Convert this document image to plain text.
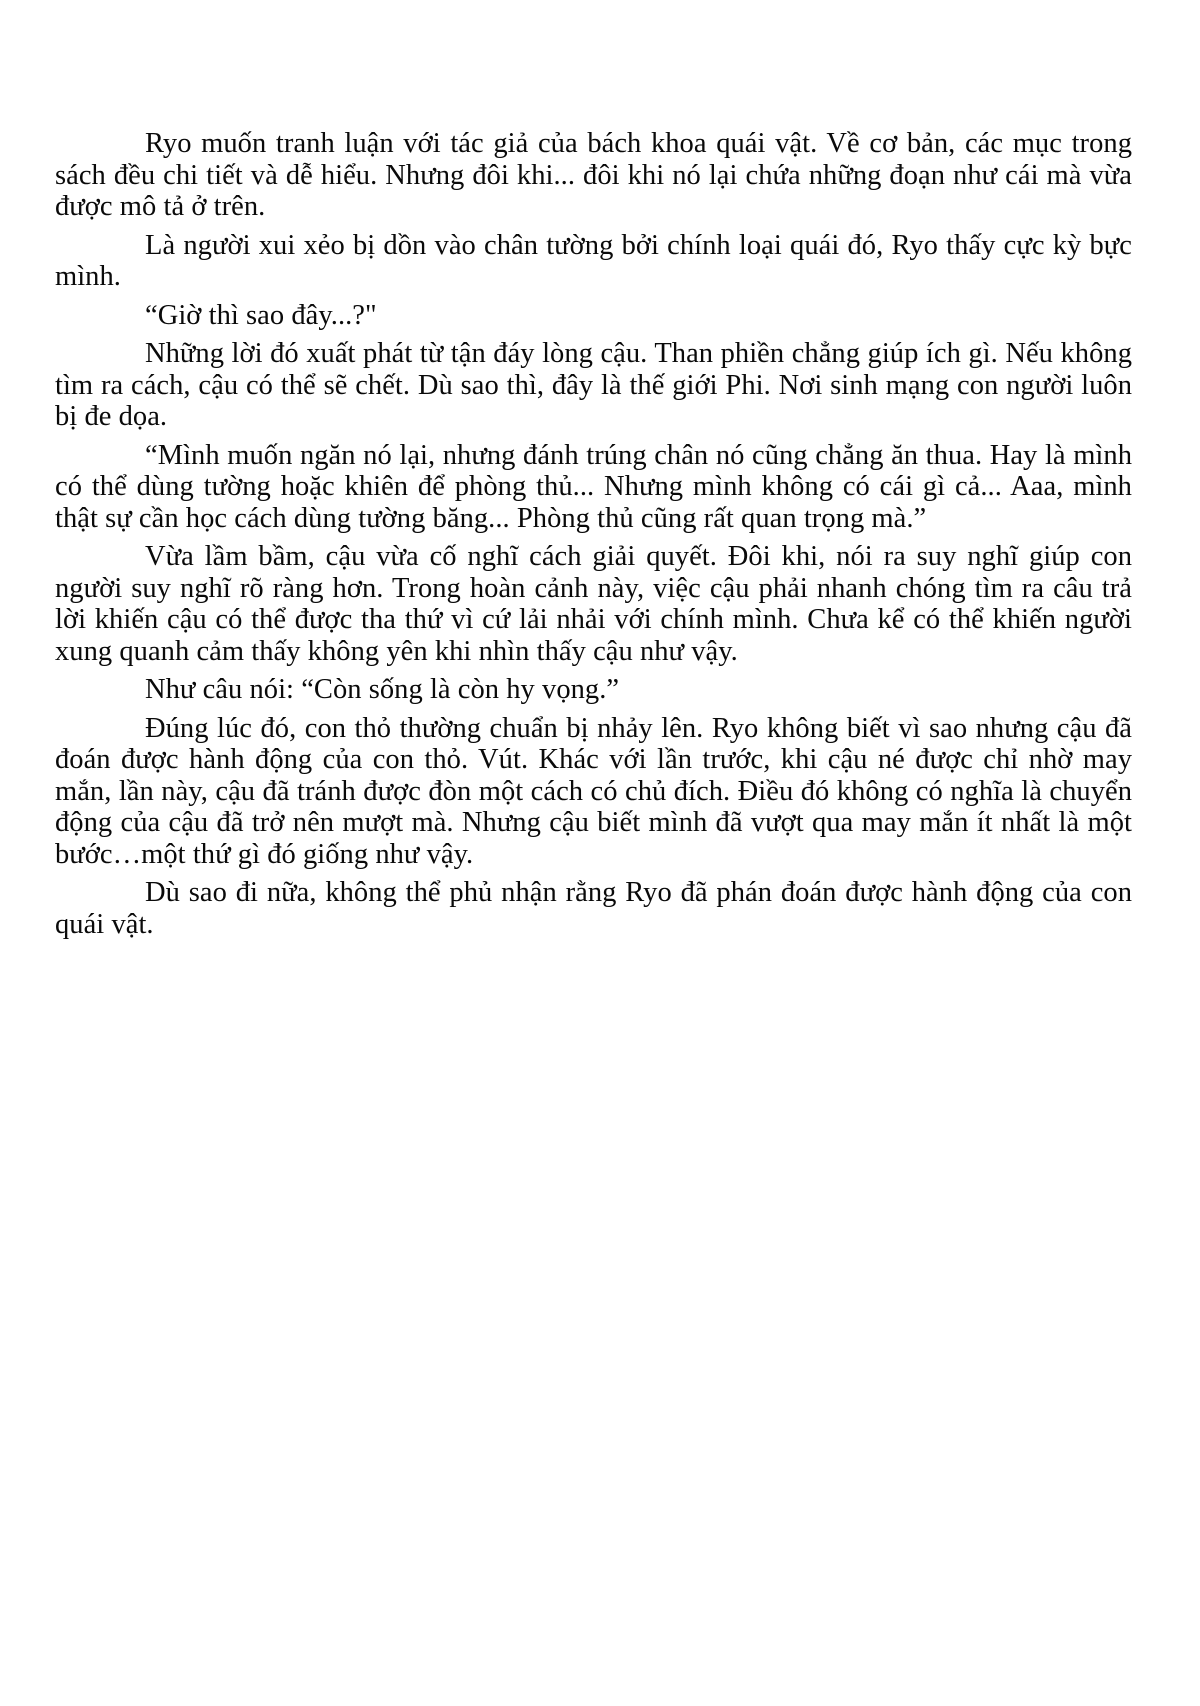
Ryo muốn tranh luận với tác giả của bách khoa quái vật. Về cơ bản, các mục trong sách đều chi tiết và dễ hiểu. Nhưng đôi khi... đôi khi nó lại chứa những đoạn như cái mà vừa được mô tả ở trên.

Là người xui xẻo bị dồn vào chân tường bởi chính loại quái đó, Ryo thấy cực kỳ bực mình.

“Giờ thì sao đây...?"

Những lời đó xuất phát từ tận đáy lòng cậu. Than phiền chẳng giúp ích gì. Nếu không tìm ra cách, cậu có thể sẽ chết. Dù sao thì, đây là thế giới Phi. Nơi sinh mạng con người luôn bị đe dọa.

“Mình muốn ngăn nó lại, nhưng đánh trúng chân nó cũng chẳng ăn thua. Hay là mình có thể dùng tường hoặc khiên để phòng thủ... Nhưng mình không có cái gì cả... Aaa, mình thật sự cần học cách dùng tường băng... Phòng thủ cũng rất quan trọng mà.”

Vừa lầm bầm, cậu vừa cố nghĩ cách giải quyết. Đôi khi, nói ra suy nghĩ giúp con người suy nghĩ rõ ràng hơn. Trong hoàn cảnh này, việc cậu phải nhanh chóng tìm ra câu trả lời khiến cậu có thể được tha thứ vì cứ lải nhải với chính mình. Chưa kể có thể khiến người xung quanh cảm thấy không yên khi nhìn thấy cậu như vậy.

Như câu nói: “Còn sống là còn hy vọng.”

Đúng lúc đó, con thỏ thường chuẩn bị nhảy lên. Ryo không biết vì sao nhưng cậu đã đoán được hành động của con thỏ. Vút. Khác với lần trước, khi cậu né được chỉ nhờ may mắn, lần này, cậu đã tránh được đòn một cách có chủ đích. Điều đó không có nghĩa là chuyển động của cậu đã trở nên mượt mà. Nhưng cậu biết mình đã vượt qua may mắn ít nhất là một bước…một thứ gì đó giống như vậy.

Dù sao đi nữa, không thể phủ nhận rằng Ryo đã phán đoán được hành động của con quái vật.
